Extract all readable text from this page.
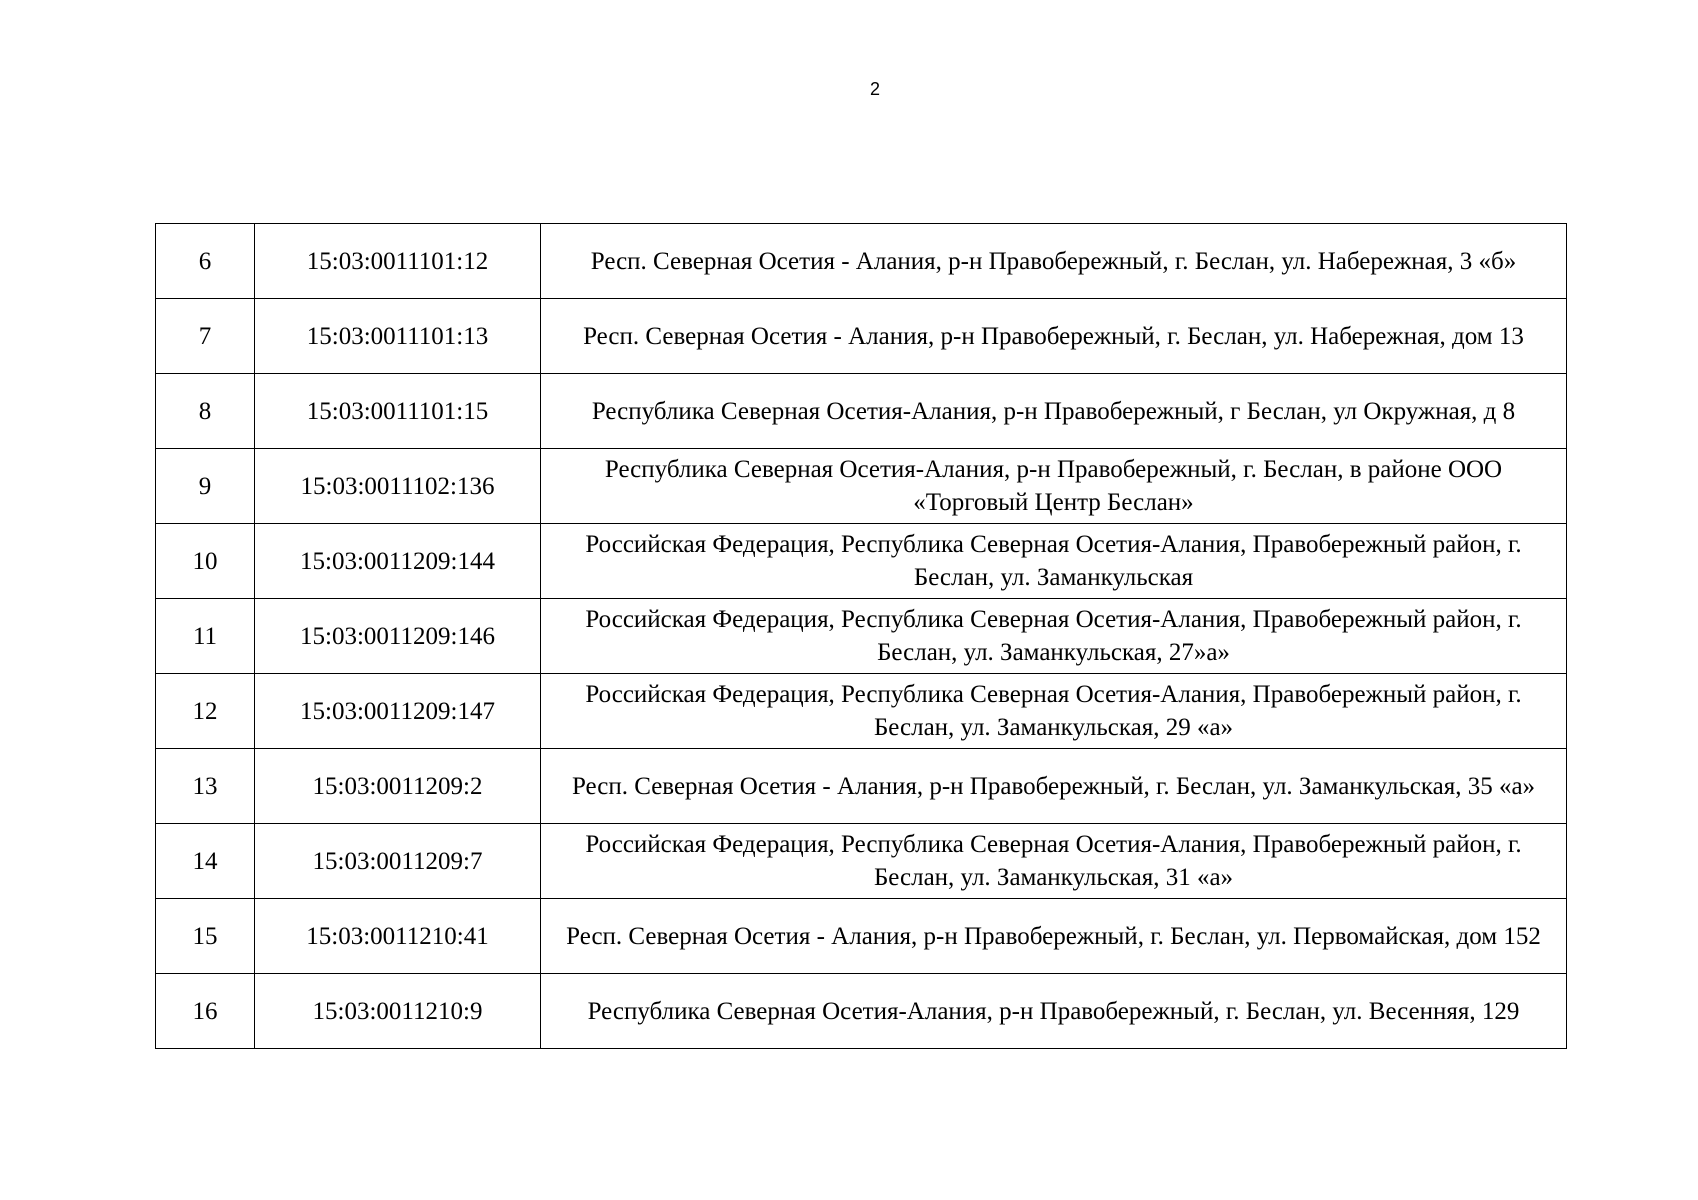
2
6	15:03:0011101:12	Респ. Северная Осетия - Алания, р-н Правобережный, г. Беслан, ул. Набережная, 3 «б»
7	15:03:0011101:13	Респ. Северная Осетия - Алания, р-н Правобережный, г. Беслан, ул. Набережная, дом 13
8	15:03:0011101:15	Республика Северная Осетия-Алания, р-н Правобережный, г Беслан, ул Окружная, д 8
9	15:03:0011102:136	Республика Северная Осетия-Алания, р-н Правобережный, г. Беслан, в районе ООО «Торговый Центр Беслан»
10	15:03:0011209:144	Российская Федерация, Республика Северная Осетия-Алания, Правобережный район, г. Беслан, ул. Заманкульская
11	15:03:0011209:146	Российская Федерация, Республика Северная Осетия-Алания, Правобережный район, г. Беслан, ул. Заманкульская, 27»а»
12	15:03:0011209:147	Российская Федерация, Республика Северная Осетия-Алания, Правобережный район, г. Беслан, ул. Заманкульская, 29 «а»
13	15:03:0011209:2	Респ. Северная Осетия - Алания, р-н Правобережный, г. Беслан, ул. Заманкульская, 35 «а»
14	15:03:0011209:7	Российская Федерация, Республика Северная Осетия-Алания, Правобережный район, г. Беслан, ул. Заманкульская, 31 «а»
15	15:03:0011210:41	Респ. Северная Осетия - Алания, р-н Правобережный, г. Беслан, ул. Первомайская, дом 152
16	15:03:0011210:9	Республика Северная Осетия-Алания, р-н Правобережный, г. Беслан, ул. Весенняя, 129
